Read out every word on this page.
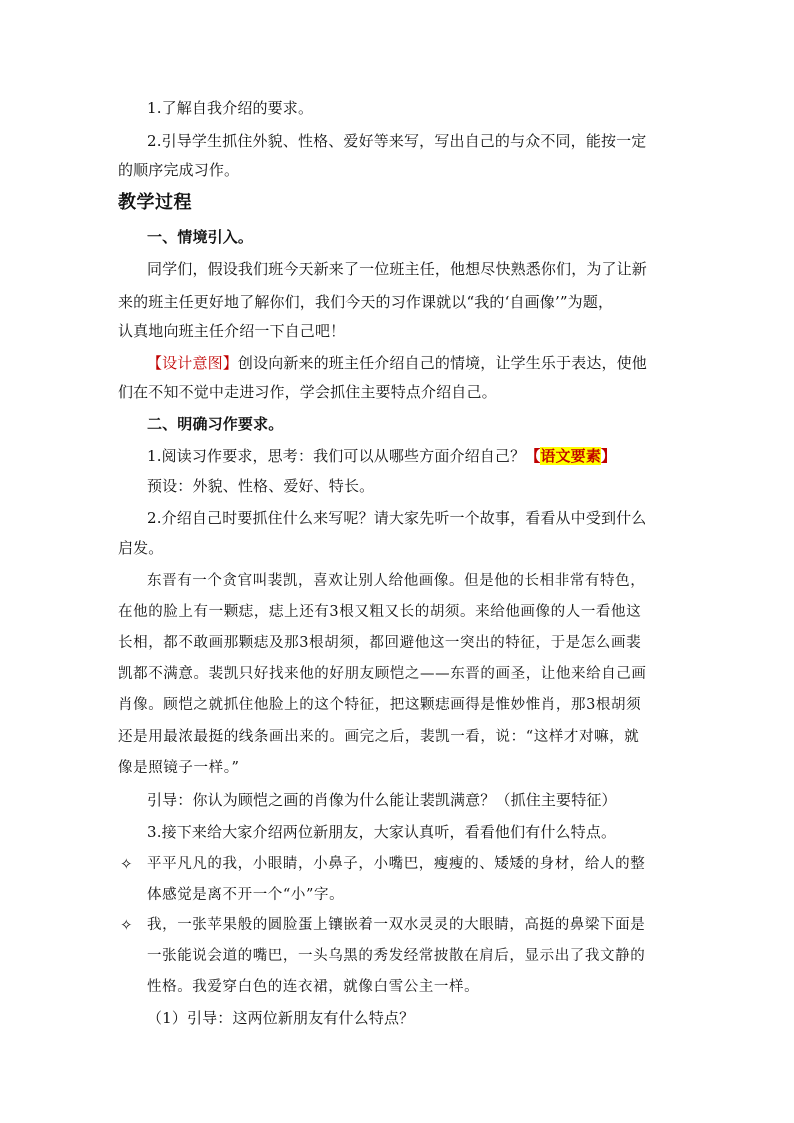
1.了解自我介绍的要求。
2.引导学生抓住外貌、性格、爱好等来写，写出自己的与众不同，能按一定
的顺序完成习作。
教学过程
一、情境引入。
同学们，假设我们班今天新来了一位班主任，他想尽快熟悉你们，为了让新
来的班主任更好地了解你们，我们今天的习作课就以“我的‘自画像’”为题，
认真地向班主任介绍一下自己吧！
【设计意图】创设向新来的班主任介绍自己的情境，让学生乐于表达，使他
们在不知不觉中走进习作，学会抓住主要特点介绍自己。
二、明确习作要求。
1.阅读习作要求，思考：我们可以从哪些方面介绍自己？【语文要素】
预设：外貌、性格、爱好、特长。
2.介绍自己时要抓住什么来写呢？请大家先听一个故事，看看从中受到什么
启发。
东晋有一个贪官叫裴凯，喜欢让别人给他画像。但是他的长相非常有特色，
在他的脸上有一颗痣，痣上还有3根又粗又长的胡须。来给他画像的人一看他这
长相，都不敢画那颗痣及那3根胡须，都回避他这一突出的特征，于是怎么画裴
凯都不满意。裴凯只好找来他的好朋友顾恺之——东晋的画圣，让他来给自己画
肖像。顾恺之就抓住他脸上的这个特征，把这颗痣画得是惟妙惟肖，那3根胡须
还是用最浓最挺的线条画出来的。画完之后，裴凯一看，说：“这样才对嘛，就
像是照镜子一样。”
引导：你认为顾恺之画的肖像为什么能让裴凯满意？（抓住主要特征）
3.接下来给大家介绍两位新朋友，大家认真听，看看他们有什么特点。
✧ 平平凡凡的我，小眼睛，小鼻子，小嘴巴，瘦瘦的、矮矮的身材，给人的整
体感觉是离不开一个“小”字。
✧ 我，一张苹果般的圆脸蛋上镶嵌着一双水灵灵的大眼睛，高挺的鼻梁下面是
一张能说会道的嘴巴，一头乌黑的秀发经常披散在肩后，显示出了我文静的
性格。我爱穿白色的连衣裙，就像白雪公主一样。
（1）引导：这两位新朋友有什么特点？
